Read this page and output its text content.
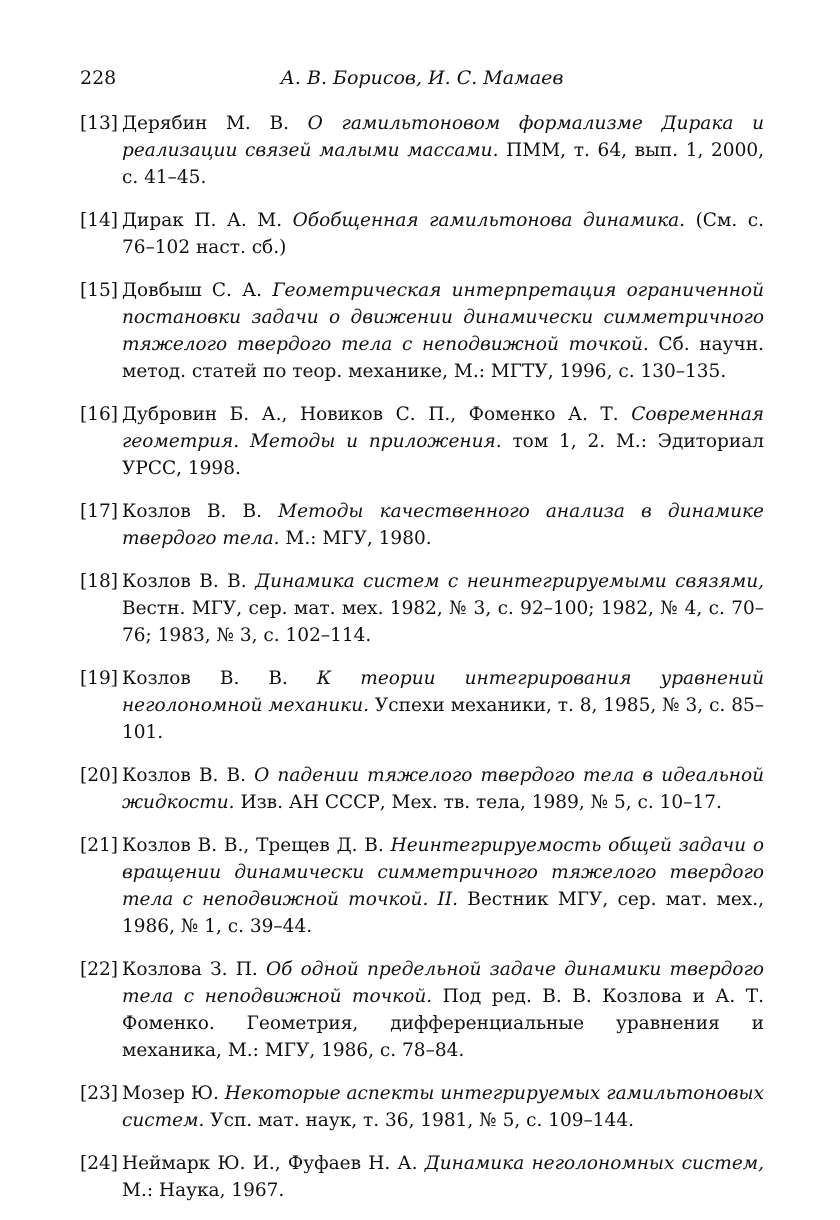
228	А. В. Борисов, И. С. Мамаев
[13] Дерябин М. В. О гамильтоновом формализме Дирака и реализации связей малыми массами. ПММ, т. 64, вып. 1, 2000, с. 41–45.
[14] Дирак П. А. М. Обобщенная гамильтонова динамика. (См. с. 76–102 наст. сб.)
[15] Довбыш С. А. Геометрическая интерпретация ограниченной постановки задачи о движении динамически симметричного тяжелого твердого тела с неподвижной точкой. Сб. научн. метод. статей по теор. механике, М.: МГТУ, 1996, с. 130–135.
[16] Дубровин Б. А., Новиков С. П., Фоменко А. Т. Современная геометрия. Методы и приложения. том 1, 2. М.: Эдиториал УРСС, 1998.
[17] Козлов В. В. Методы качественного анализа в динамике твердого тела. М.: МГУ, 1980.
[18] Козлов В. В. Динамика систем с неинтегрируемыми связями, Вестн. МГУ, сер. мат. мех. 1982, № 3, с. 92–100; 1982, № 4, с. 70–76; 1983, № 3, с. 102–114.
[19] Козлов В. В. К теории интегрирования уравнений неголономной механики. Успехи механики, т. 8, 1985, № 3, с. 85–101.
[20] Козлов В. В. О падении тяжелого твердого тела в идеальной жидкости. Изв. АН СССР, Мех. тв. тела, 1989, № 5, с. 10–17.
[21] Козлов В. В., Трещев Д. В. Неинтегрируемость общей задачи о вращении динамически симметричного тяжелого твердого тела с неподвижной точкой. II. Вестник МГУ, сер. мат. мех., 1986, № 1, с. 39–44.
[22] Козлова З. П. Об одной предельной задаче динамики твердого тела с неподвижной точкой. Под ред. В. В. Козлова и А. Т. Фоменко. Геометрия, дифференциальные уравнения и механика, М.: МГУ, 1986, с. 78–84.
[23] Мозер Ю. Некоторые аспекты интегрируемых гамильтоновых систем. Усп. мат. наук, т. 36, 1981, № 5, с. 109–144.
[24] Неймарк Ю. И., Фуфаев Н. А. Динамика неголономных систем, М.: Наука, 1967.
